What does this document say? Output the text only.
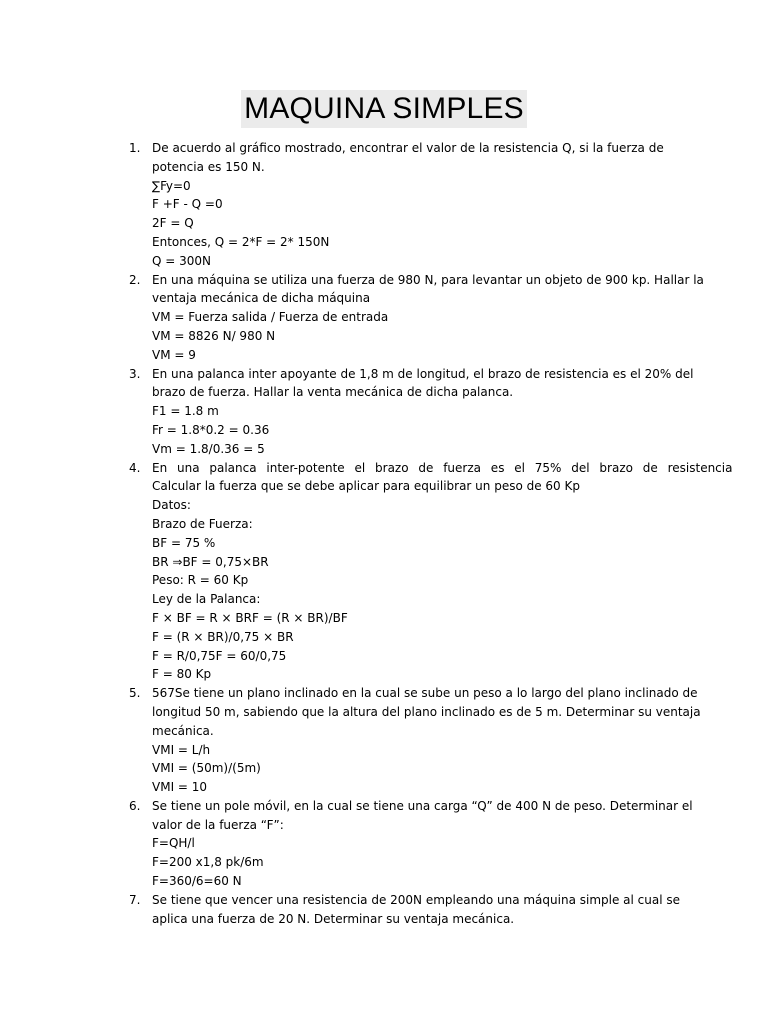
MAQUINA SIMPLES
1. De acuerdo al gráfico mostrado, encontrar el valor de la resistencia Q, si la fuerza de
potencia es 150 N.
∑Fy=0
F +F - Q =0
2F = Q
Entonces, Q = 2*F = 2* 150N
Q = 300N
2. En una máquina se utiliza una fuerza de 980 N, para levantar un objeto de 900 kp. Hallar la
ventaja mecánica de dicha máquina
VM = Fuerza salida / Fuerza de entrada
VM = 8826 N/ 980 N
VM = 9
3. En una palanca inter apoyante de 1,8 m de longitud, el brazo de resistencia es el 20% del
brazo de fuerza. Hallar la venta mecánica de dicha palanca.
F1 = 1.8 m
Fr = 1.8*0.2 = 0.36
Vm = 1.8/0.36 = 5
4. En una palanca inter-potente el brazo de fuerza es el 75% del brazo de resistencia
Calcular la fuerza que se debe aplicar para equilibrar un peso de 60 Kp
Datos:
Brazo de Fuerza:
BF = 75 %
BR ⇒BF = 0,75×BR
Peso: R = 60 Kp
Ley de la Palanca:
F × BF = R × BRF = (R × BR)/BF
F = (R × BR)/0,75 × BR
F = R/0,75F = 60/0,75
F = 80 Kp
5. 567Se tiene un plano inclinado en la cual se sube un peso a lo largo del plano inclinado de
longitud 50 m, sabiendo que la altura del plano inclinado es de 5 m. Determinar su ventaja
mecánica.
VMI = L/h
VMI = (50m)/(5m)
VMI = 10
6. Se tiene un pole móvil, en la cual se tiene una carga “Q” de 400 N de peso. Determinar el
valor de la fuerza “F”:
F=QH/l
F=200 x1,8 pk/6m
F=360/6=60 N
7. Se tiene que vencer una resistencia de 200N empleando una máquina simple al cual se
aplica una fuerza de 20 N. Determinar su ventaja mecánica.
